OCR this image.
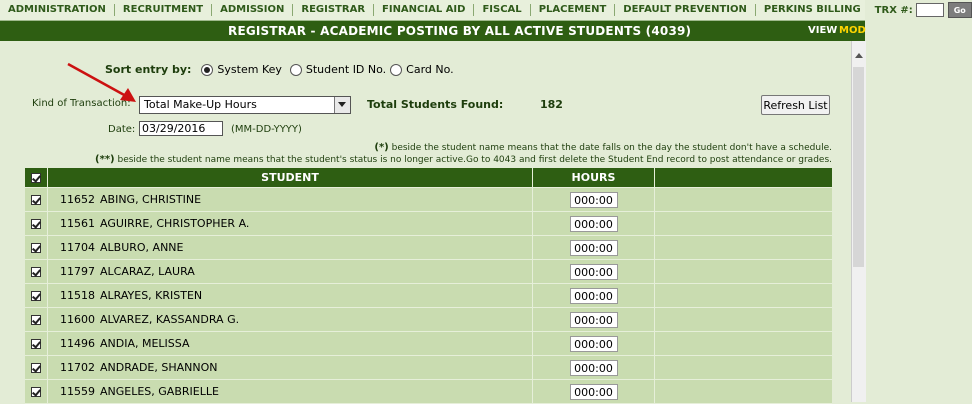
ADMINISTRATION	RECRUITMENT	ADMISSION	REGISTRAR	FINANCIAL AID	FISCAL	PLACEMENT	DEFAULT PREVENTION	PERKINS BILLING	TRX #:	Go
REGISTRAR - ACADEMIC POSTING BY ALL ACTIVE STUDENTS (4039)	VIEW MOD
Sort entry by: System Key Student ID No. Card No.
Kind of Transaction: Total Make-Up Hours	Total Students Found:	182	Refresh List
Date: 03/29/2016	(MM-DD-YYYY)
(*) beside the student name means that the date falls on the day the student don't have a schedule.
(**) beside the student name means that the student's status is no longer active.Go to 4043 and first delete the Student End record to post attendance or grades.
STUDENT	HOURS
11652 ABING, CHRISTINE	000:00
11561 AGUIRRE, CHRISTOPHER A.	000:00
11704 ALBURO, ANNE	000:00
11797 ALCARAZ, LAURA	000:00
11518 ALRAYES, KRISTEN	000:00
11600 ALVAREZ, KASSANDRA G.	000:00
11496 ANDIA, MELISSA	000:00
11702 ANDRADE, SHANNON	000:00
11559 ANGELES, GABRIELLE	000:00
